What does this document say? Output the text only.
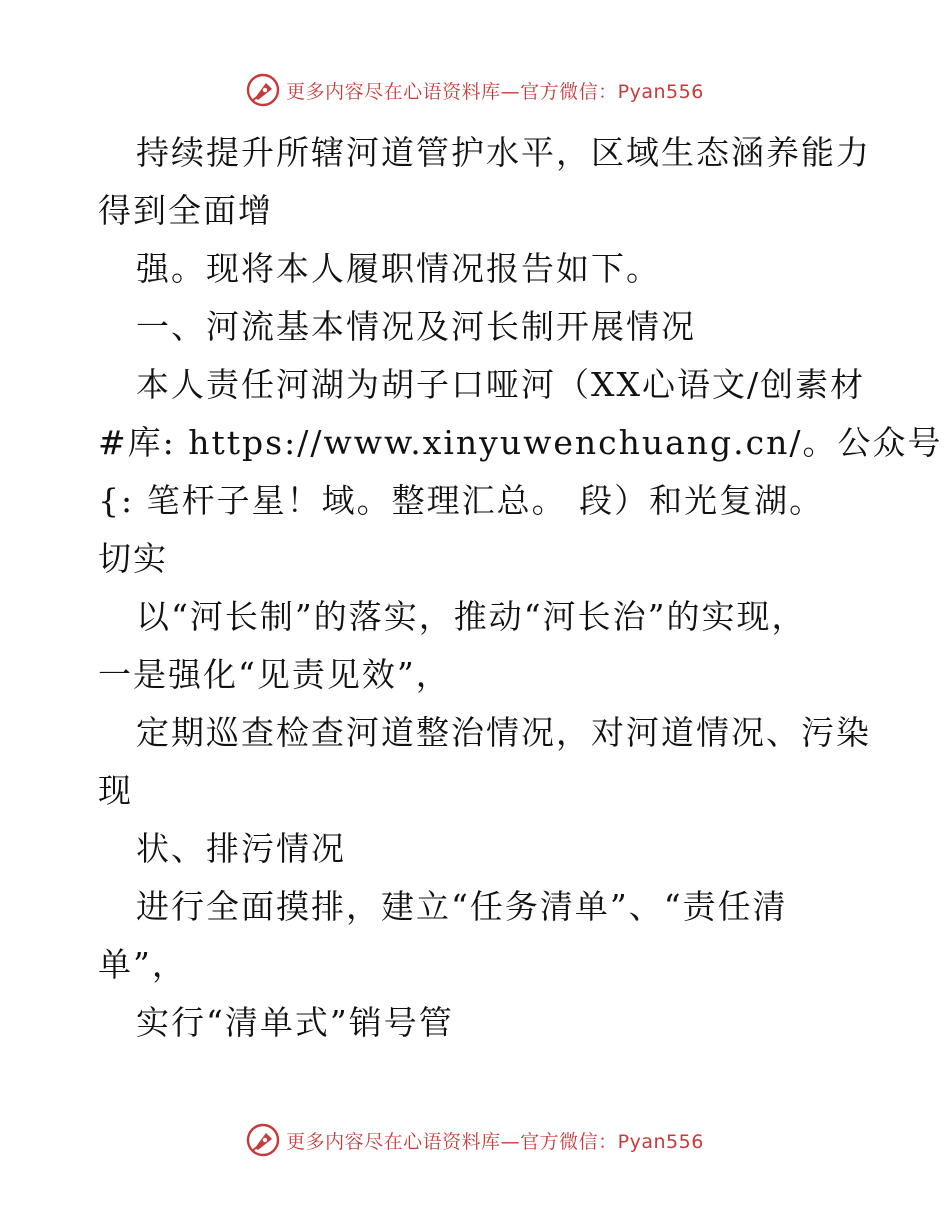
更多内容尽在心语资料库—官方微信：Pyan556
持续提升所辖河道管护水平，区域生态涵养能力
得到全面增
强。现将本人履职情况报告如下。
一、河流基本情况及河长制开展情况
本人责任河湖为胡子口哑河（XX心语文/创素材
#库: https://www.xinyuwenchuang.cn/。公众号
{: 笔杆子星！域。整理汇总。 段）和光复湖。
切实
以“河长制”的落实，推动“河长治”的实现，
一是强化“见责见效”，
定期巡查检查河道整治情况，对河道情况、污染
现
状、排污情况
进行全面摸排，建立“任务清单”、“责任清
单”，
实行“清单式”销号管
更多内容尽在心语资料库—官方微信：Pyan556
